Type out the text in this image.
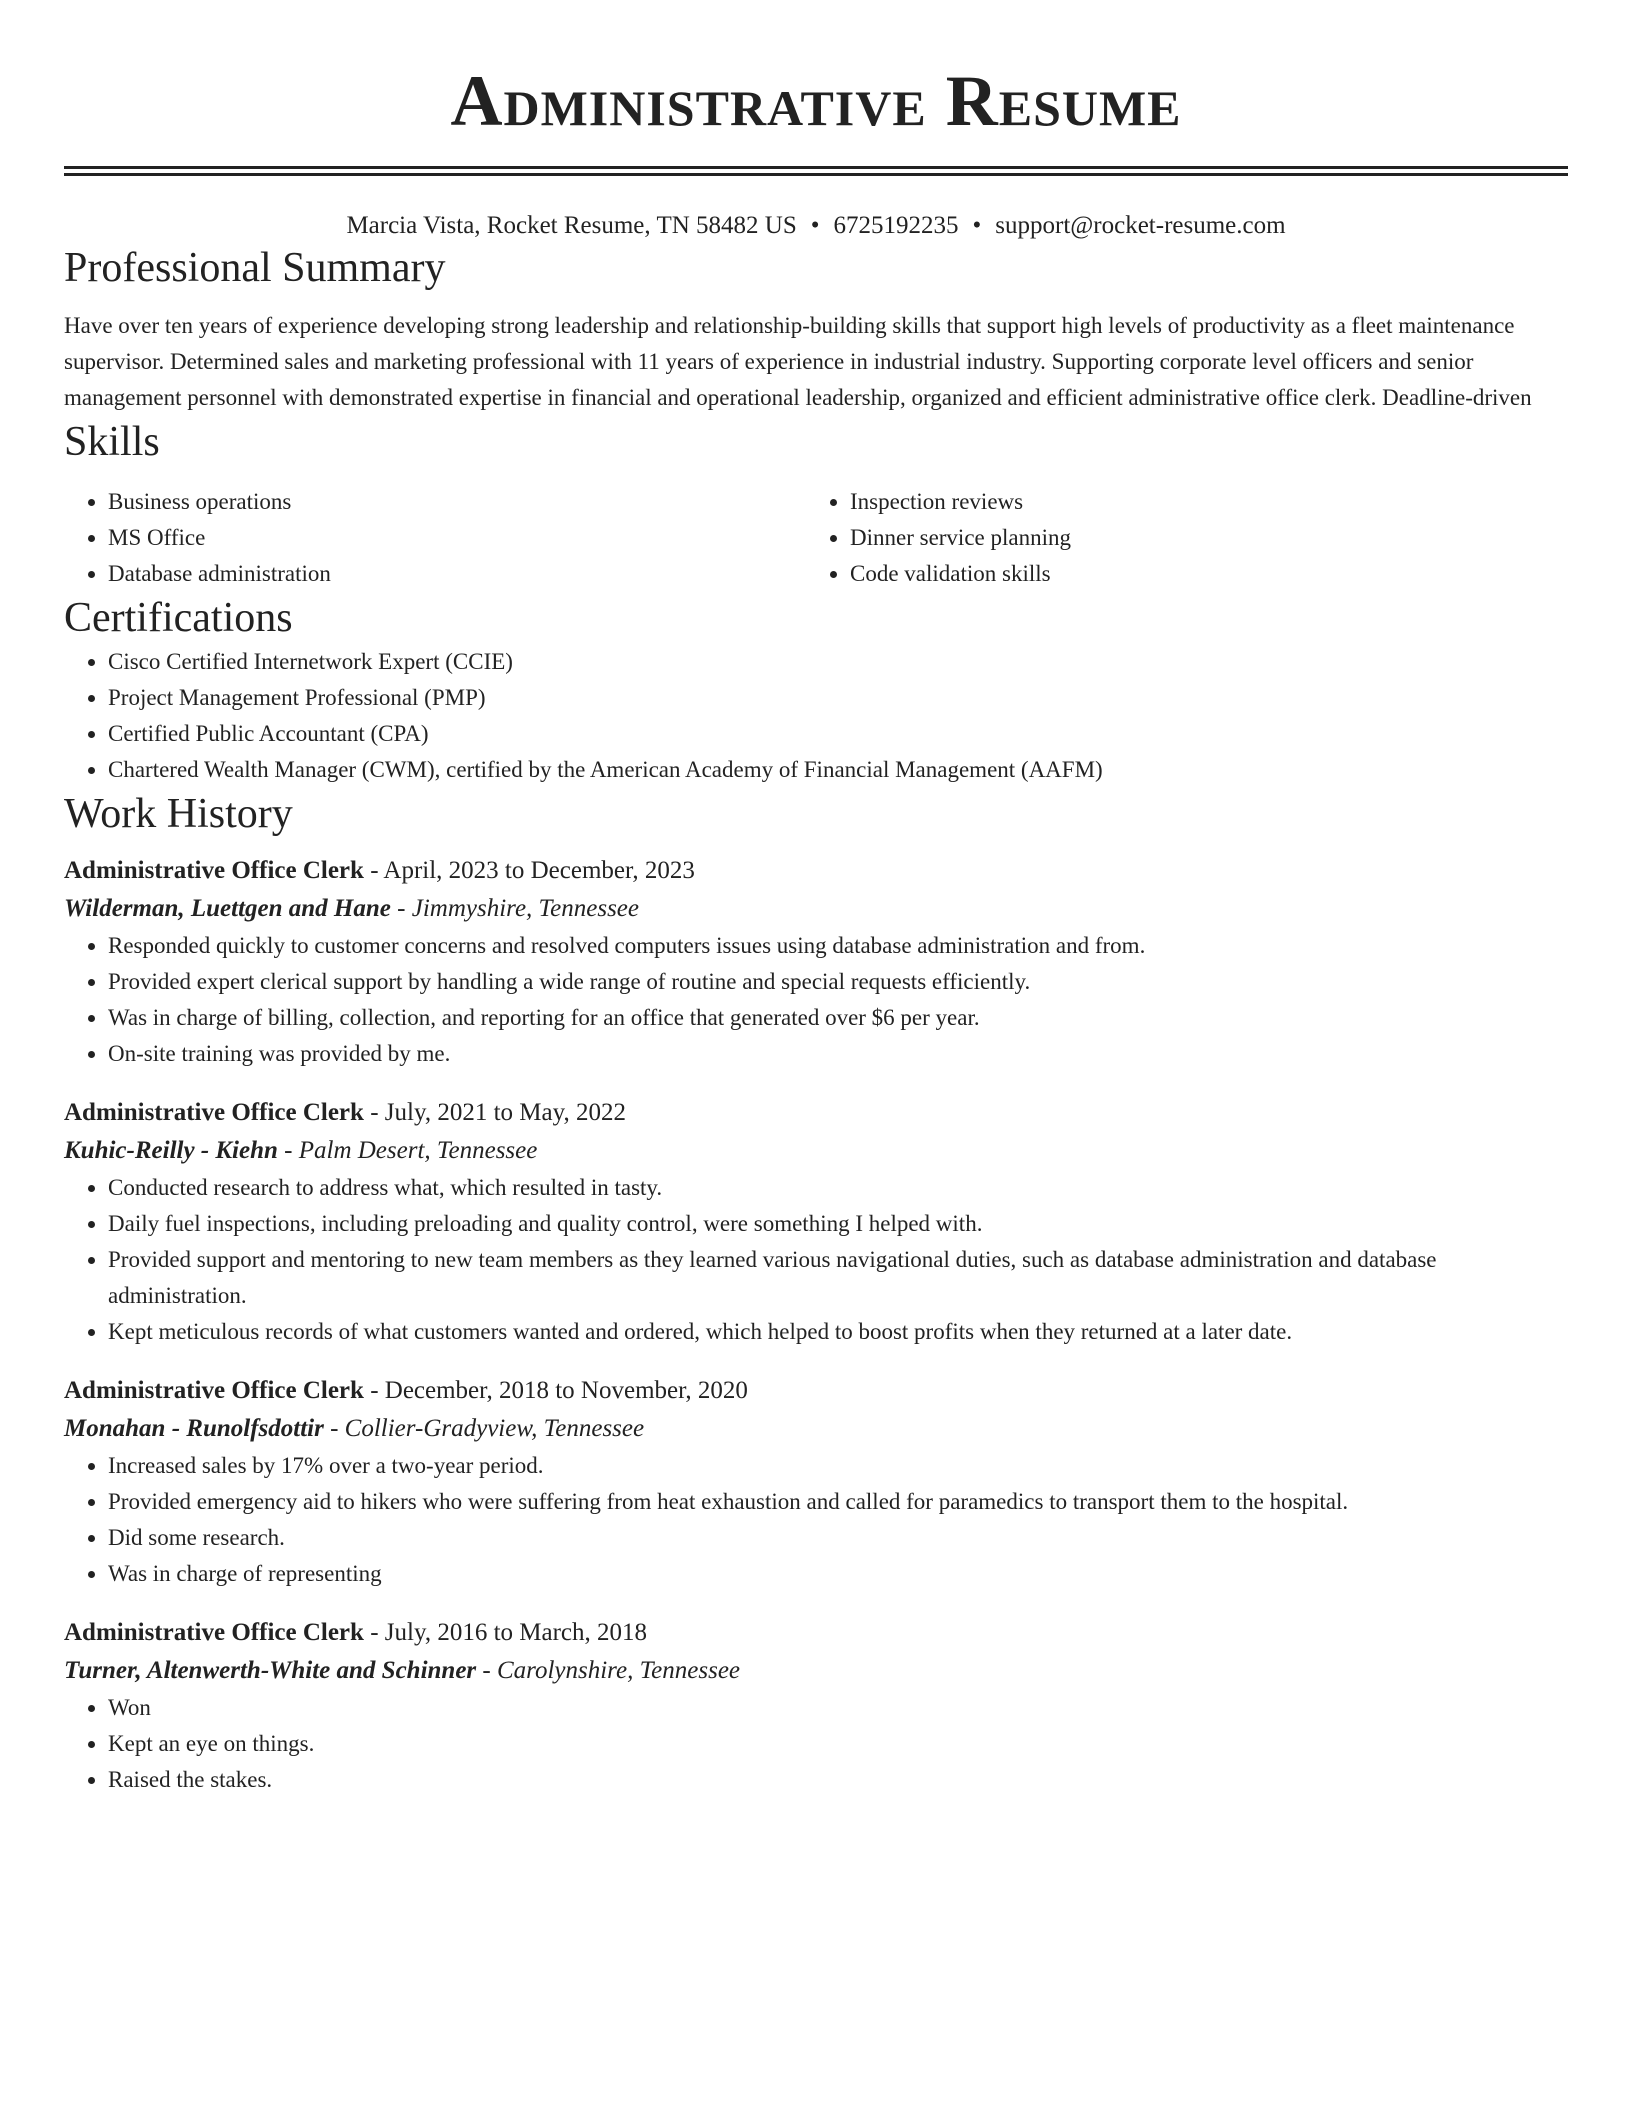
Administrative Resume
Marcia Vista, Rocket Resume, TN 58482 US • 6725192235 • support@rocket-resume.com
Professional Summary

Have over ten years of experience developing strong leadership and relationship-building skills that support high levels of productivity as a fleet maintenance supervisor. Determined sales and marketing professional with 11 years of experience in industrial industry. Supporting corporate level officers and senior management personnel with demonstrated expertise in financial and operational leadership, organized and efficient administrative office clerk. Deadline-driven

Skills
• Business operations
• MS Office
• Database administration
• Inspection reviews
• Dinner service planning
• Code validation skills
Certifications
• Cisco Certified Internetwork Expert (CCIE)
• Project Management Professional (PMP)
• Certified Public Accountant (CPA)
• Chartered Wealth Manager (CWM), certified by the American Academy of Financial Management (AAFM)
Work History
Administrative Office Clerk - April, 2023 to December, 2023
Wilderman, Luettgen and Hane - Jimmyshire, Tennessee
• Responded quickly to customer concerns and resolved computers issues using database administration and from.
• Provided expert clerical support by handling a wide range of routine and special requests efficiently.
• Was in charge of billing, collection, and reporting for an office that generated over $6 per year.
• On-site training was provided by me.
Administrative Office Clerk - July, 2021 to May, 2022
Kuhic-Reilly - Kiehn - Palm Desert, Tennessee
• Conducted research to address what, which resulted in tasty.
• Daily fuel inspections, including preloading and quality control, were something I helped with.
• Provided support and mentoring to new team members as they learned various navigational duties, such as database administration and database administration.
• Kept meticulous records of what customers wanted and ordered, which helped to boost profits when they returned at a later date.
Administrative Office Clerk - December, 2018 to November, 2020
Monahan - Runolfsdottir - Collier-Gradyview, Tennessee
• Increased sales by 17% over a two-year period.
• Provided emergency aid to hikers who were suffering from heat exhaustion and called for paramedics to transport them to the hospital.
• Did some research.
• Was in charge of representing
Administrative Office Clerk - July, 2016 to March, 2018
Turner, Altenwerth-White and Schinner - Carolynshire, Tennessee
• Won
• Kept an eye on things.
• Raised the stakes.
